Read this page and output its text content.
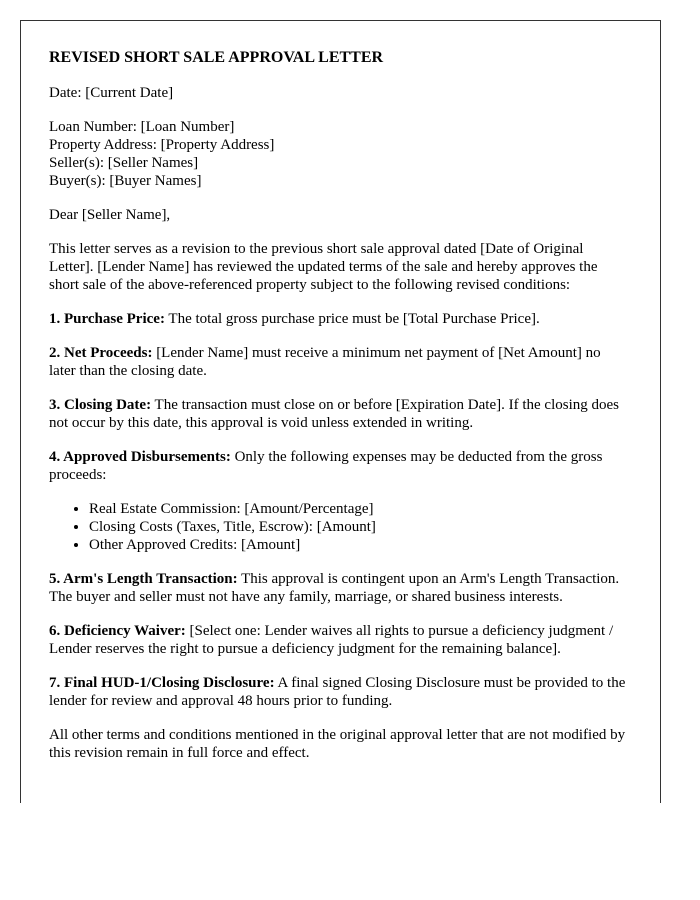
REVISED SHORT SALE APPROVAL LETTER

Date: [Current Date]

Loan Number: [Loan Number]
Property Address: [Property Address]
Seller(s): [Seller Names]
Buyer(s): [Buyer Names]

Dear [Seller Name],

This letter serves as a revision to the previous short sale approval dated [Date of Original Letter]. [Lender Name] has reviewed the updated terms of the sale and hereby approves the short sale of the above-referenced property subject to the following revised conditions:

1. Purchase Price: The total gross purchase price must be [Total Purchase Price].

2. Net Proceeds: [Lender Name] must receive a minimum net payment of [Net Amount] no later than the closing date.

3. Closing Date: The transaction must close on or before [Expiration Date]. If the closing does not occur by this date, this approval is void unless extended in writing.

4. Approved Disbursements: Only the following expenses may be deducted from the gross proceeds:

• Real Estate Commission: [Amount/Percentage]
• Closing Costs (Taxes, Title, Escrow): [Amount]
• Other Approved Credits: [Amount]

5. Arm's Length Transaction: This approval is contingent upon an Arm's Length Transaction. The buyer and seller must not have any family, marriage, or shared business interests.

6. Deficiency Waiver: [Select one: Lender waives all rights to pursue a deficiency judgment / Lender reserves the right to pursue a deficiency judgment for the remaining balance].

7. Final HUD-1/Closing Disclosure: A final signed Closing Disclosure must be provided to the lender for review and approval 48 hours prior to funding.

All other terms and conditions mentioned in the original approval letter that are not modified by this revision remain in full force and effect.
